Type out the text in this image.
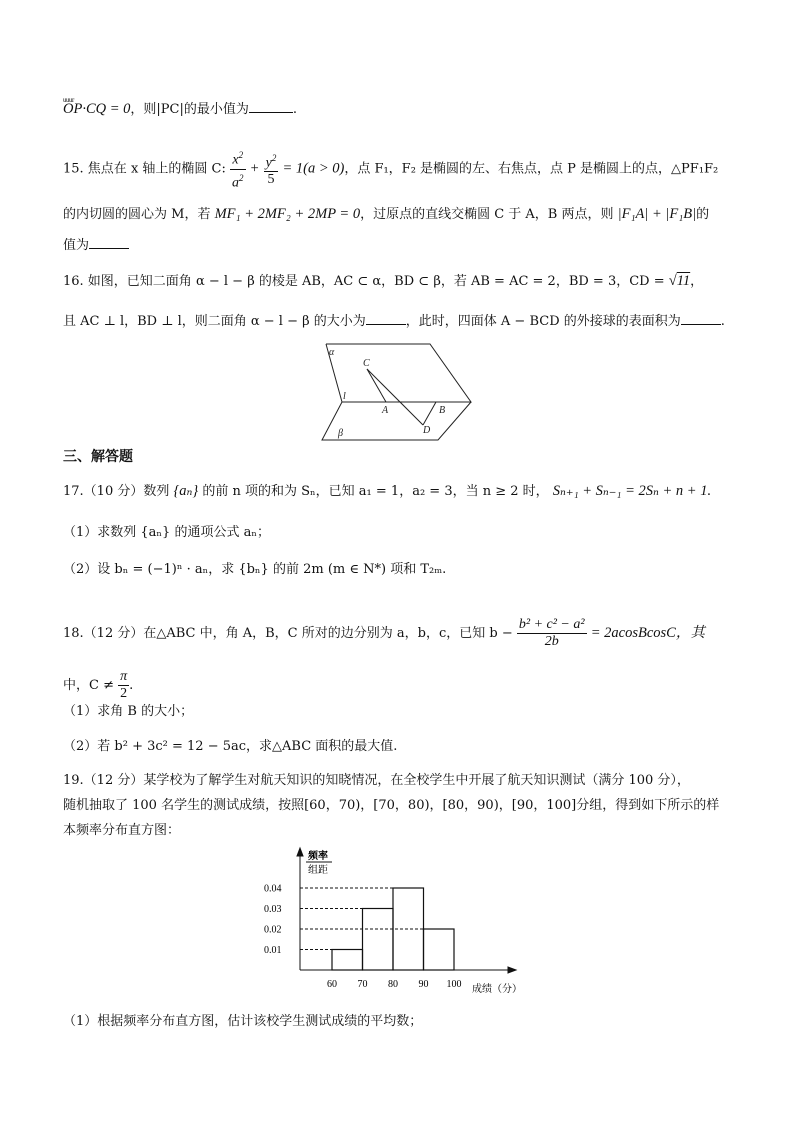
uuur OP·CQ = 0，则|PC|的最小值为	.
15. 焦点在 x 轴上的椭圆 C: $\frac{x^2}{a^2} + \frac{y^2}{5} = 1(a > 0)$，点 F₁，F₂ 是椭圆的左、右焦点，点 P 是椭圆上的点，△PF₁F₂
的内切圆的圆心为 M，若 MF₁ + 2MF₂ + 2MP = 0，过原点的直线交椭圆 C 于 A，B 两点，则 |F₁A| + |F₁B|的
值为
16. 如图，已知二面角 α − l − β 的棱是 AB，AC ⊂ α，BD ⊂ β，若 AB = AC = 2，BD = 3，CD = √11，
且 AC ⊥ l，BD ⊥ l，则二面角 α − l − β 的大小为	，此时，四面体 A − BCD 的外接球的表面积为	.
α
C
l
A	B
D
β
三、解答题
17.（10 分）数列 {aₙ} 的前 n 项的和为 Sₙ，已知 a₁ = 1，a₂ = 3，当 n ≥ 2 时， Sₙ₊₁ + Sₙ₋₁ = 2Sₙ + n + 1.
（1）求数列 {aₙ} 的通项公式 aₙ；
（2）设 bₙ = (−1)ⁿ · aₙ，求 {bₙ} 的前 2m (m ∈ N*) 项和 T₂ₘ.
18.（12 分）在△ABC 中，角 A，B，C 所对的边分别为 a，b，c，已知 $b - \frac{\text{b² + c² − a²}}{2b}$ = 2acosBcosC，其
中，$C \ne \frac{\pi}{2}$ .
（1）求角 B 的大小；
（2）若 b² + 3c² = 12 − 5ac，求△ABC 面积的最大值.
19.（12 分）某学校为了解学生对航天知识的知晓情况，在全校学生中开展了航天知识测试（满分 100 分），
随机抽取了 100 名学生的测试成绩，按照[60，70)，[70，80)，[80，90)，[90，100]分组，得到如下所示的样
本频率分布直方图：
频率
组距
成绩（分）
0.01
0.02
0.03
0.04
60 70 80 90 100
（1）根据频率分布直方图，估计该校学生测试成绩的平均数；
